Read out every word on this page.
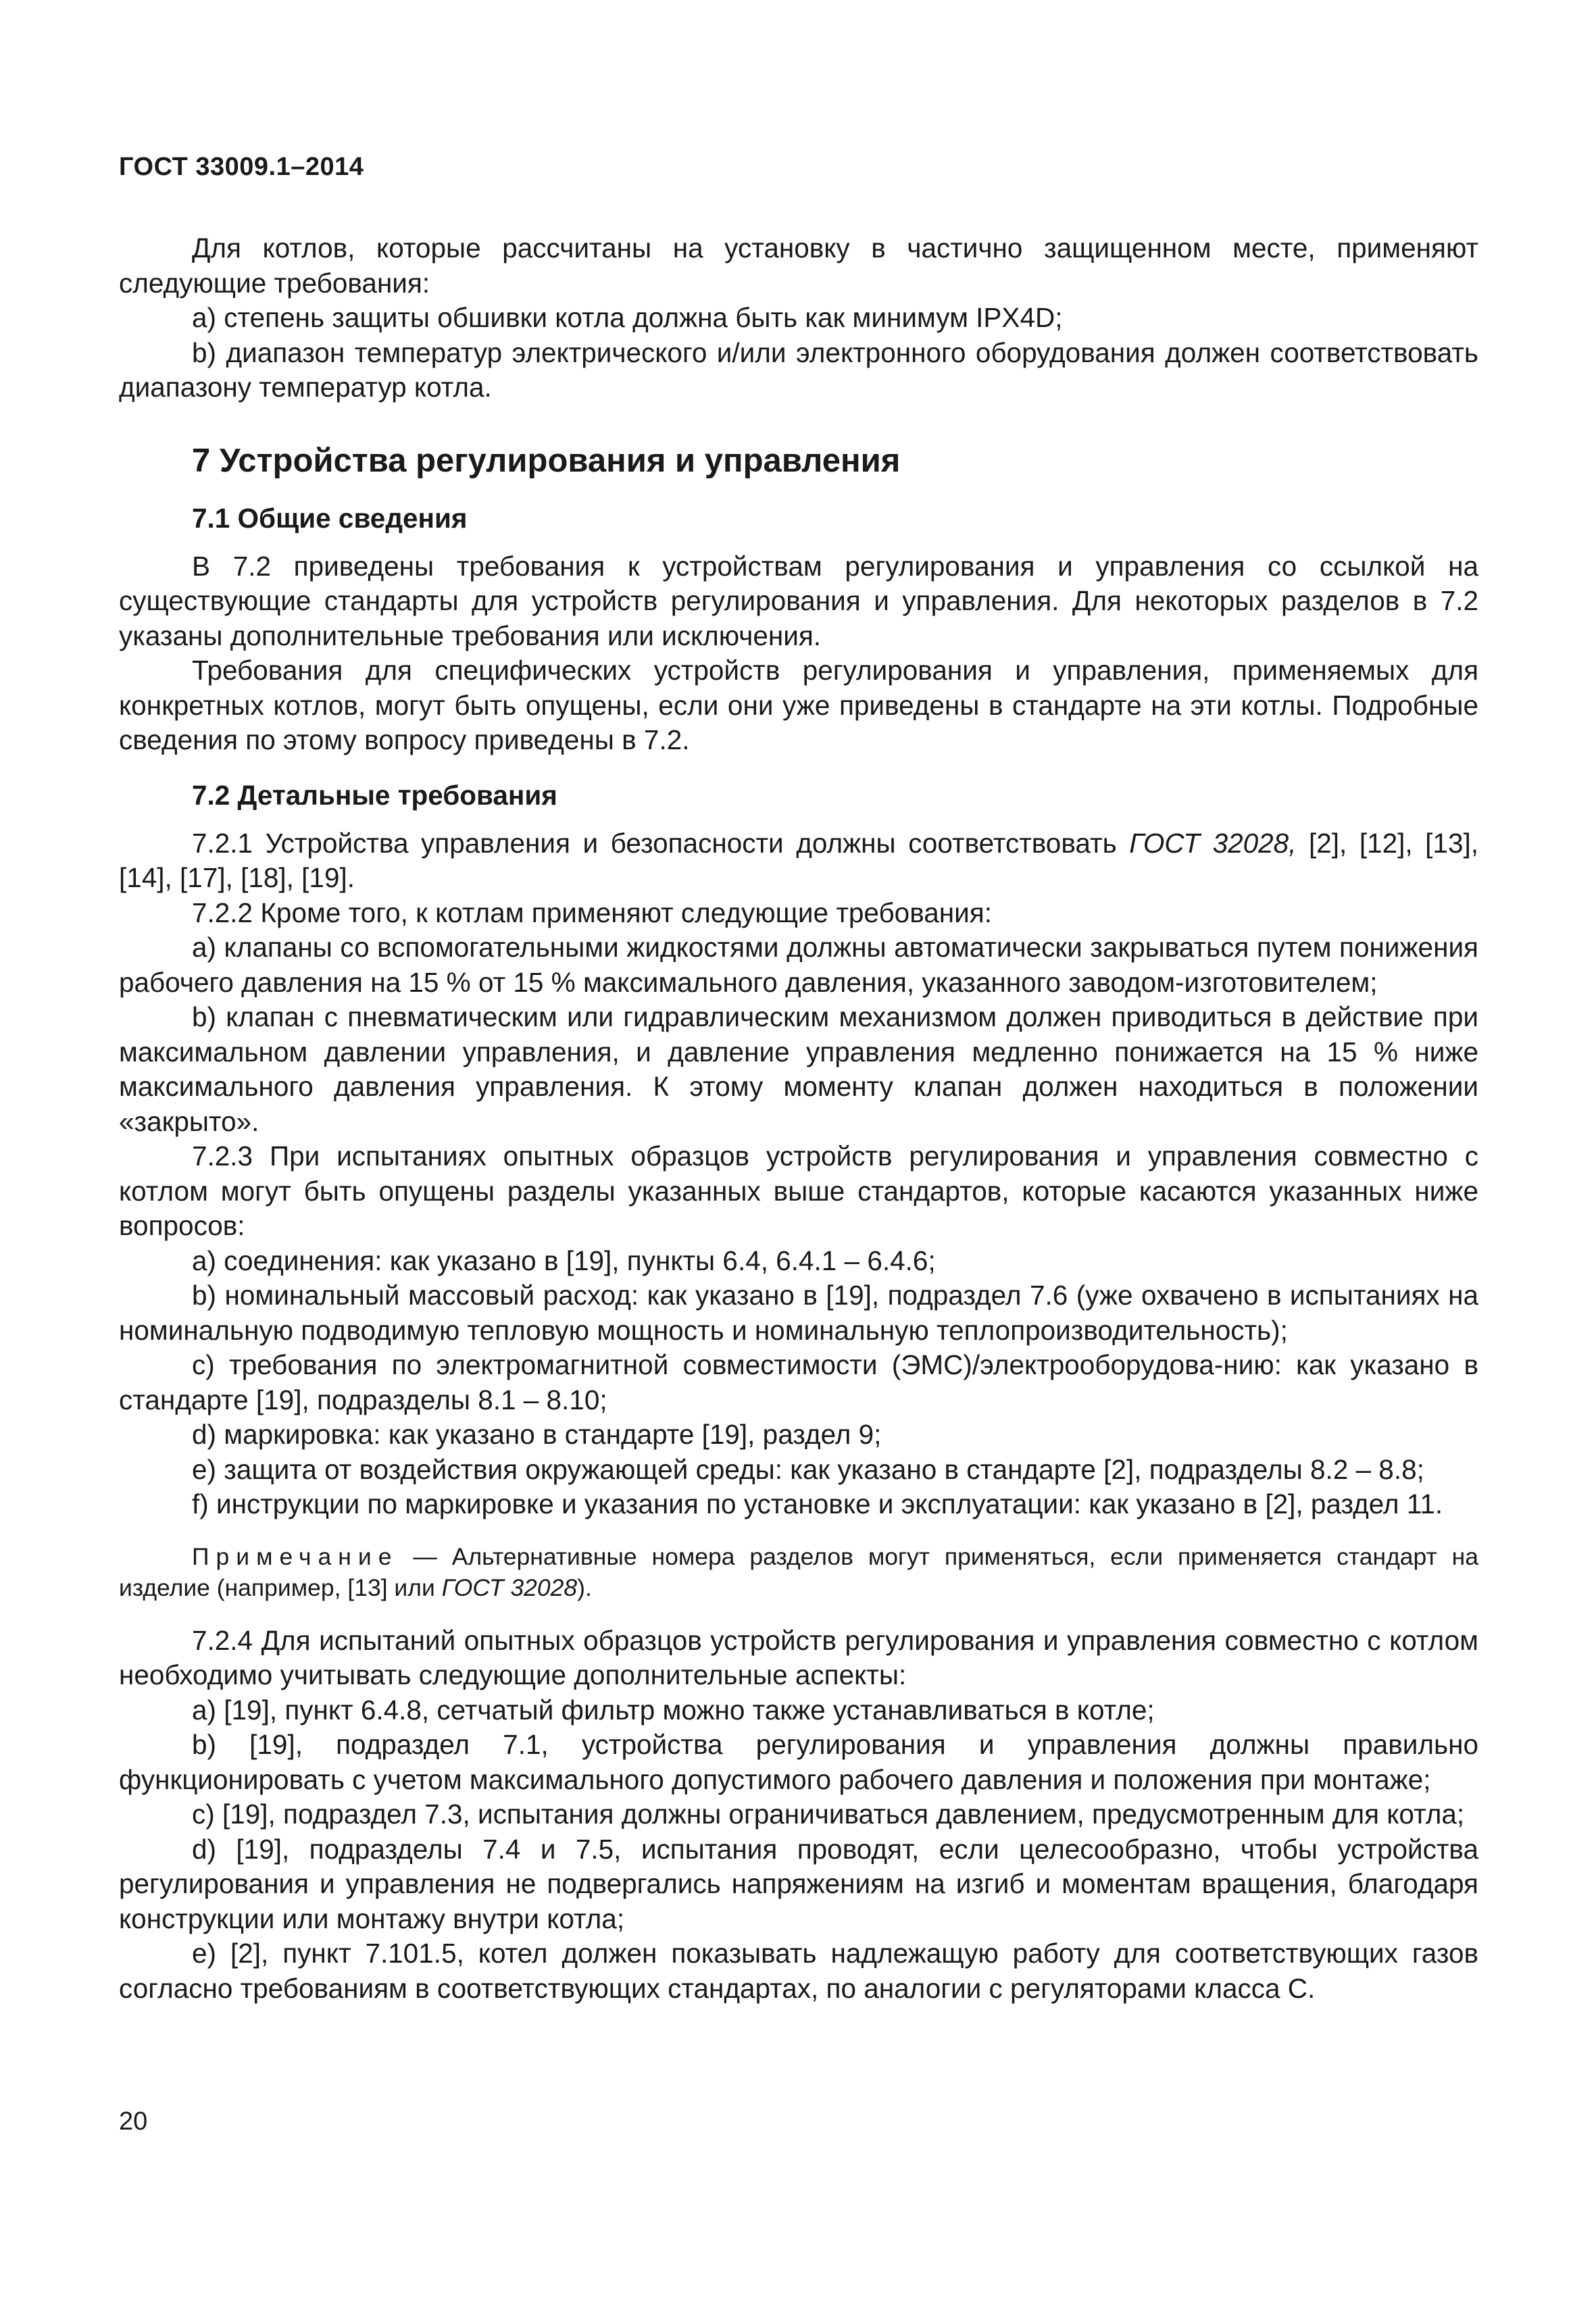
ГОСТ 33009.1–2014

Для котлов, которые рассчитаны на установку в частично защищенном месте, применяют следующие требования:

a) степень защиты обшивки котла должна быть как минимум IPX4D;

b) диапазон температур электрического и/или электронного оборудования должен соответствовать диапазону температур котла.

7 Устройства регулирования и управления
7.1 Общие сведения

В 7.2 приведены требования к устройствам регулирования и управления со ссылкой на существующие стандарты для устройств регулирования и управления. Для некоторых разделов в 7.2 указаны дополнительные требования или исключения.

Требования для специфических устройств регулирования и управления, применяемых для конкретных котлов, могут быть опущены, если они уже приведены в стандарте на эти котлы. Подробные сведения по этому вопросу приведены в 7.2.

7.2 Детальные требования

7.2.1 Устройства управления и безопасности должны соответствовать ГОСТ 32028, [2], [12], [13], [14], [17], [18], [19].

7.2.2 Кроме того, к котлам применяют следующие требования:

a) клапаны со вспомогательными жидкостями должны автоматически закрываться путем понижения рабочего давления на 15 % от 15 % максимального давления, указанного заводом-изготовителем;

b) клапан с пневматическим или гидравлическим механизмом должен приводиться в действие при максимальном давлении управления, и давление управления медленно понижается на 15 % ниже максимального давления управления. К этому моменту клапан должен находиться в положении «закрыто».

7.2.3 При испытаниях опытных образцов устройств регулирования и управления совместно с котлом могут быть опущены разделы указанных выше стандартов, которые касаются указанных ниже вопросов:

a) соединения: как указано в [19], пункты 6.4, 6.4.1 – 6.4.6;

b) номинальный массовый расход: как указано в [19], подраздел 7.6 (уже охвачено в испытаниях на номинальную подводимую тепловую мощность и номинальную теплопроизводительность);

c) требования по электромагнитной совместимости (ЭМС)/электрооборудова-нию: как указано в стандарте [19], подразделы 8.1 – 8.10;

d) маркировка: как указано в стандарте [19], раздел 9;

e) защита от воздействия окружающей среды: как указано в стандарте [2], подразделы 8.2 – 8.8;

f) инструкции по маркировке и указания по установке и эксплуатации: как указано в [2], раздел 11.

Примечание — Альтернативные номера разделов могут применяться, если применяется стандарт на изделие (например, [13] или ГОСТ 32028).

7.2.4 Для испытаний опытных образцов устройств регулирования и управления совместно с котлом необходимо учитывать следующие дополнительные аспекты:

a) [19], пункт 6.4.8, сетчатый фильтр можно также устанавливаться в котле;

b) [19], подраздел 7.1, устройства регулирования и управления должны правильно функционировать с учетом максимального допустимого рабочего давления и положения при монтаже;

c) [19], подраздел 7.3, испытания должны ограничиваться давлением, предусмотренным для котла;

d) [19], подразделы 7.4 и 7.5, испытания проводят, если целесообразно, чтобы устройства регулирования и управления не подвергались напряжениям на изгиб и моментам вращения, благодаря конструкции или монтажу внутри котла;

e) [2], пункт 7.101.5, котел должен показывать надлежащую работу для соответствующих газов согласно требованиям в соответствующих стандартах, по аналогии с регуляторами класса С.

20
